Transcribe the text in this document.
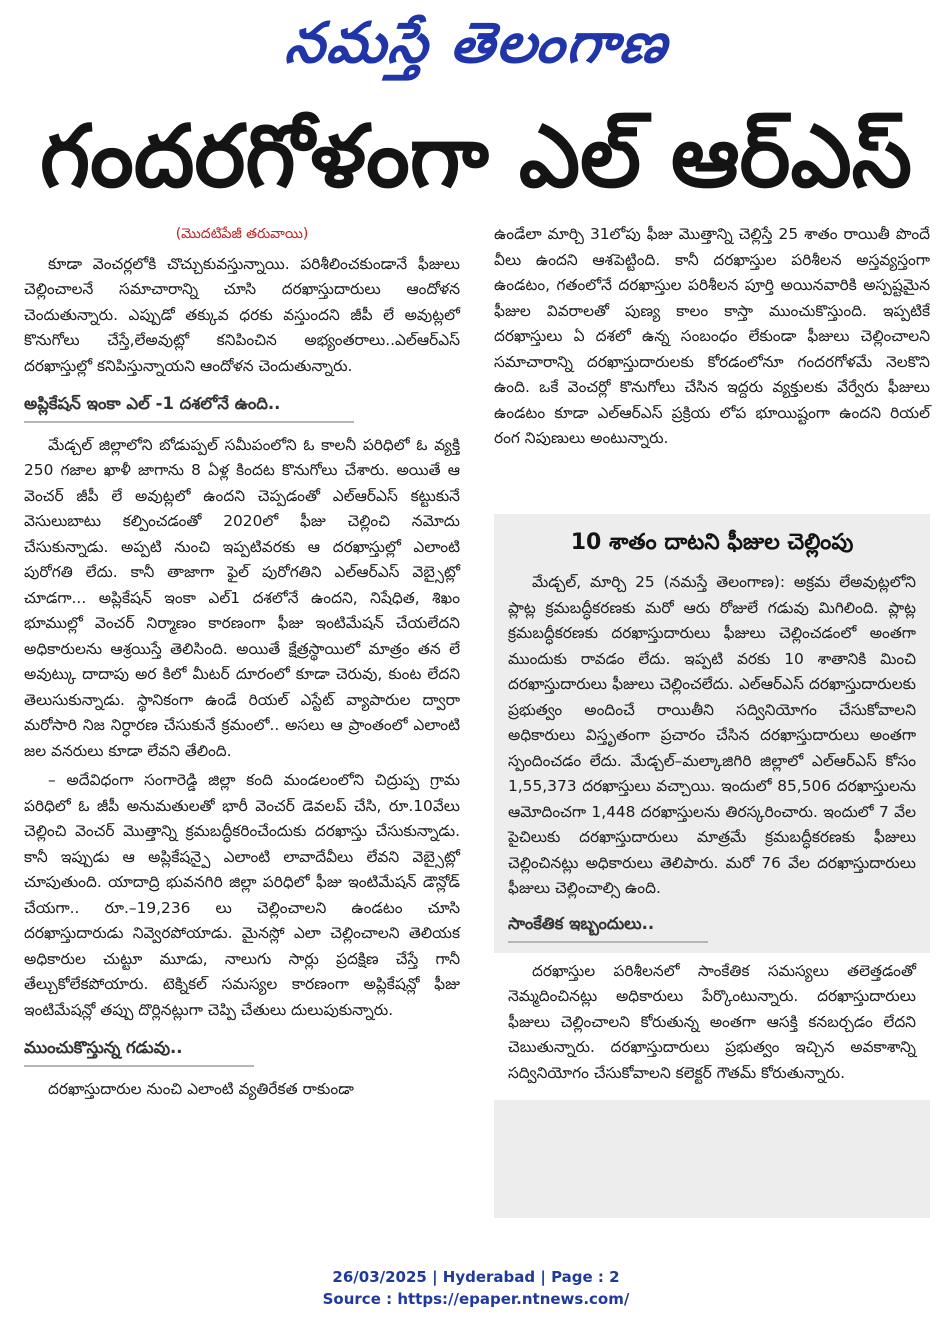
నమస్తే తెలంగాణ
గందరగోళంగా ఎల్ ఆర్ఎస్
(మొదటిపేజీ తరువాయి)

కూడా వెంచర్లలోకి చొచ్చుకువస్తున్నాయి. పరిశీలించకుండానే ఫీజులు చెల్లించాలనే సమాచారాన్ని చూసి దరఖాస్తుదారులు ఆందోళన చెందుతున్నారు. ఎప్పుడో తక్కువ ధరకు వస్తుందని జీపీ లే అవుట్లలో కొనుగోలు చేస్తే,లేఅవుట్లో కనిపించిన అభ్యంతరాలు..ఎల్ఆర్ఎస్ దరఖాస్తుల్లో కనిపిస్తున్నాయని ఆందోళన చెందుతున్నారు.

అప్లికేషన్ ఇంకా ఎల్ -1 దశలోనే ఉంది..

మేడ్చల్ జిల్లాలోని బోడుప్పల్ సమీపంలోని ఓ కాలనీ పరిధిలో ఓ వ్యక్తి 250 గజాల ఖాళీ జాగాను 8 ఏళ్ల కిందట కొనుగోలు చేశారు. అయితే ఆ వెంచర్ జీపీ లే అవుట్లలో ఉందని చెప్పడంతో ఎల్ఆర్ఎస్ కట్టుకునే వెసులుబాటు కల్పించడంతో 2020లో ఫీజు చెల్లించి నమోదు చేసుకున్నాడు. అప్పటి నుంచి ఇప్పటివరకు ఆ దరఖాస్తుల్లో ఎలాంటి పురోగతి లేదు. కానీ తాజాగా ఫైల్ పురోగతిని ఎల్ఆర్ఎస్ వెబ్సైట్లో చూడగా... అప్లికేషన్ ఇంకా ఎల్1 దశలోనే ఉందని, నిషేధిత, శిఖం భూముల్లో వెంచర్ నిర్మాణం కారణంగా ఫీజు ఇంటిమేషన్ చేయలేదని అధికారులను ఆశ్రయిస్తే తెలిసింది. అయితే క్షేత్రస్థాయిలో మాత్రం తన లే అవుట్కు దాదాపు అర కిలో మీటర్ దూరంలో కూడా చెరువు, కుంట లేదని తెలుసుకున్నాడు. స్థానికంగా ఉండే రియల్ ఎస్టేట్ వ్యాపారుల ద్వారా మరోసారి నిజ నిర్ధారణ చేసుకునే క్రమంలో.. అసలు ఆ ప్రాంతంలో ఎలాంటి జల వనరులు కూడా లేవని తేలింది.

– అదేవిధంగా సంగారెడ్డి జిల్లా కంది మండలంలోని చిద్రుప్ప గ్రామ పరిధిలో ఓ జీపీ అనుమతులతో భారీ వెంచర్ డెవలప్ చేసి, రూ.10వేలు చెల్లించి వెంచర్ మొత్తాన్ని క్రమబద్ధీకరించేందుకు దరఖాస్తు చేసుకున్నాడు. కానీ ఇప్పుడు ఆ అప్లికేషన్పై ఎలాంటి లావాదేవీలు లేవని వెబ్సైట్లో చూపుతుంది. యాదాద్రి భువనగిరి జిల్లా పరిధిలో ఫీజు ఇంటిమేషన్ డౌన్లోడ్ చేయగా.. రూ.–19,236 లు చెల్లించాలని ఉండటం చూసి దరఖాస్తుదారుడు నివ్వెరపోయాడు. మైనస్లో ఎలా చెల్లించాలని తెలియక అధికారుల చుట్టూ మూడు, నాలుగు సార్లు ప్రదక్షిణ చేస్తే గానీ తేల్చుకోలేకపోయారు. టెక్నికల్ సమస్యల కారణంగా అప్లికేషన్లో ఫీజు ఇంటిమేషన్లో తప్పు దొర్లినట్లుగా చెప్పి చేతులు దులుపుకున్నారు.

ముంచుకొస్తున్న గడువు..

దరఖాస్తుదారుల నుంచి ఎలాంటి వ్యతిరేకత రాకుండా

ఉండేలా మార్చి 31లోపు ఫీజు మొత్తాన్ని చెల్లిస్తే 25 శాతం రాయితీ పొందే వీలు ఉందని ఆశపెట్టింది. కానీ దరఖాస్తుల పరిశీలన అస్తవ్యస్తంగా ఉండటం, గతంలోనే దరఖాస్తుల పరిశీలన పూర్తి అయినవారికి అస్పష్టమైన ఫీజుల వివరాలతో పుణ్య కాలం కాస్తా ముంచుకొస్తుంది. ఇప్పటికే దరఖాస్తులు ఏ దశలో ఉన్న సంబంధం లేకుండా ఫీజులు చెల్లించాలని సమాచారాన్ని దరఖాస్తుదారులకు కోరడంలోనూ గందరగోళమే నెలకొని ఉంది. ఒకే వెంచర్లో కొనుగోలు చేసిన ఇద్దరు వ్యక్తులకు వేర్వేరు ఫీజులు ఉండటం కూడా ఎల్ఆర్ఎస్ ప్రక్రియ లోప భూయిష్టంగా ఉందని రియల్ రంగ నిపుణులు అంటున్నారు.

10 శాతం దాటని ఫీజుల చెల్లింపు

మేడ్చల్, మార్చి 25 (నమస్తే తెలంగాణ): అక్రమ లేఅవుట్లలోని ప్లాట్ల క్రమబద్ధీకరణకు మరో ఆరు రోజులే గడువు మిగిలింది. ప్లాట్ల క్రమబద్ధీకరణకు దరఖాస్తుదారులు ఫీజులు చెల్లించడంలో అంతగా ముందుకు రావడం లేదు. ఇప్పటి వరకు 10 శాతానికి మించి దరఖాస్తుదారులు ఫీజులు చెల్లించలేదు. ఎల్ఆర్ఎస్ దరఖాస్తుదారులకు ప్రభుత్వం అందించే రాయితీని సద్వినియోగం చేసుకోవాలని అధికారులు విస్తృతంగా ప్రచారం చేసిన దరఖాస్తుదారులు అంతగా స్పందించడం లేదు. మేడ్చల్–మల్కాజిగిరి జిల్లాలో ఎల్ఆర్ఎస్ కోసం 1,55,373 దరఖాస్తులు వచ్చాయి. ఇందులో 85,506 దరఖాస్తులను ఆమోదించగా 1,448 దరఖాస్తులను తిరస్కరించారు. ఇందులో 7 వేల పైచిలుకు దరఖాస్తుదారులు మాత్రమే క్రమబద్ధీకరణకు ఫీజులు చెల్లించినట్లు అధికారులు తెలిపారు. మరో 76 వేల దరఖాస్తుదారులు ఫీజులు చెల్లించాల్సి ఉంది.

సాంకేతిక ఇబ్బందులు..

దరఖాస్తుల పరిశీలనలో సాంకేతిక సమస్యలు తలెత్తడంతో నెమ్మదించినట్లు అధికారులు పేర్కొంటున్నారు. దరఖాస్తుదారులు ఫీజులు చెల్లించాలని కోరుతున్న అంతగా ఆసక్తి కనబర్చడం లేదని చెబుతున్నారు. దరఖాస్తుదారులు ప్రభుత్వం ఇచ్చిన అవకాశాన్ని సద్వినియోగం చేసుకోవాలని కలెక్టర్ గౌతమ్ కోరుతున్నారు.

26/03/2025 | Hyderabad | Page : 2
Source : https://epaper.ntnews.com/
